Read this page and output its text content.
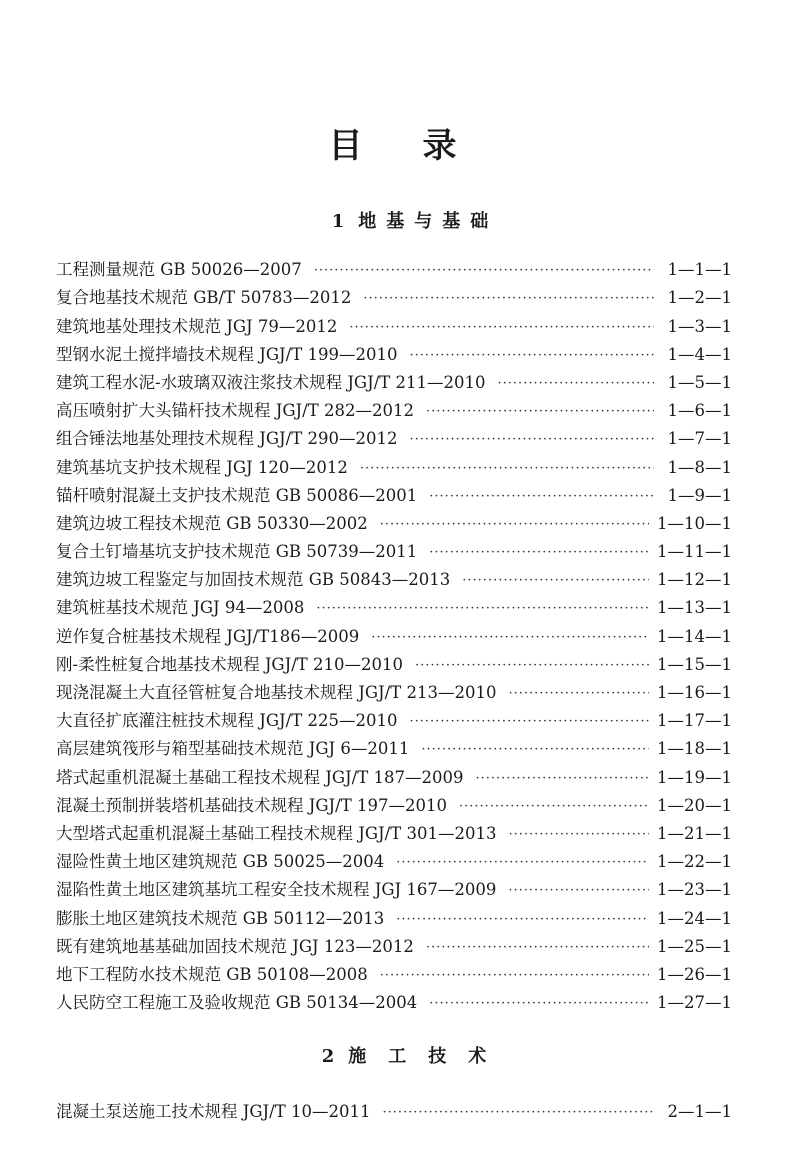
目录
1 地基与基础
工程测量规范 GB 50026—2007 ·····	1—1—1
复合地基技术规范 GB/T 50783—2012 ·····	1—2—1
建筑地基处理技术规范 JGJ 79—2012 ·····	1—3—1
型钢水泥土搅拌墙技术规程 JGJ/T 199—2010 ·····	1—4—1
建筑工程水泥-水玻璃双液注浆技术规程 JGJ/T 211—2010 ·····	1—5—1
高压喷射扩大头锚杆技术规程 JGJ/T 282—2012 ·····	1—6—1
组合锤法地基处理技术规程 JGJ/T 290—2012 ·····	1—7—1
建筑基坑支护技术规程 JGJ 120—2012 ·····	1—8—1
锚杆喷射混凝土支护技术规范 GB 50086—2001 ·····	1—9—1
建筑边坡工程技术规范 GB 50330—2002 ·····	1—10—1
复合土钉墙基坑支护技术规范 GB 50739—2011 ·····	1—11—1
建筑边坡工程鉴定与加固技术规范 GB 50843—2013 ·····	1—12—1
建筑桩基技术规范 JGJ 94—2008 ·····	1—13—1
逆作复合桩基技术规程 JGJ/T186—2009 ·····	1—14—1
刚-柔性桩复合地基技术规程 JGJ/T 210—2010 ·····	1—15—1
现浇混凝土大直径管桩复合地基技术规程 JGJ/T 213—2010 ·····	1—16—1
大直径扩底灌注桩技术规程 JGJ/T 225—2010 ·····	1—17—1
高层建筑筏形与箱型基础技术规范 JGJ 6—2011 ·····	1—18—1
塔式起重机混凝土基础工程技术规程 JGJ/T 187—2009 ·····	1—19—1
混凝土预制拼装塔机基础技术规程 JGJ/T 197—2010 ·····	1—20—1
大型塔式起重机混凝土基础工程技术规程 JGJ/T 301—2013 ·····	1—21—1
湿险性黄土地区建筑规范 GB 50025—2004 ·····	1—22—1
湿陷性黄土地区建筑基坑工程安全技术规程 JGJ 167—2009 ·····	1—23—1
膨胀土地区建筑技术规范 GB 50112—2013 ·····	1—24—1
既有建筑地基基础加固技术规范 JGJ 123—2012 ·····	1—25—1
地下工程防水技术规范 GB 50108—2008 ·····	1—26—1
人民防空工程施工及验收规范 GB 50134—2004 ·····	1—27—1
2 施工技术
混凝土泵送施工技术规程 JGJ/T 10—2011 ·····	2—1—1
